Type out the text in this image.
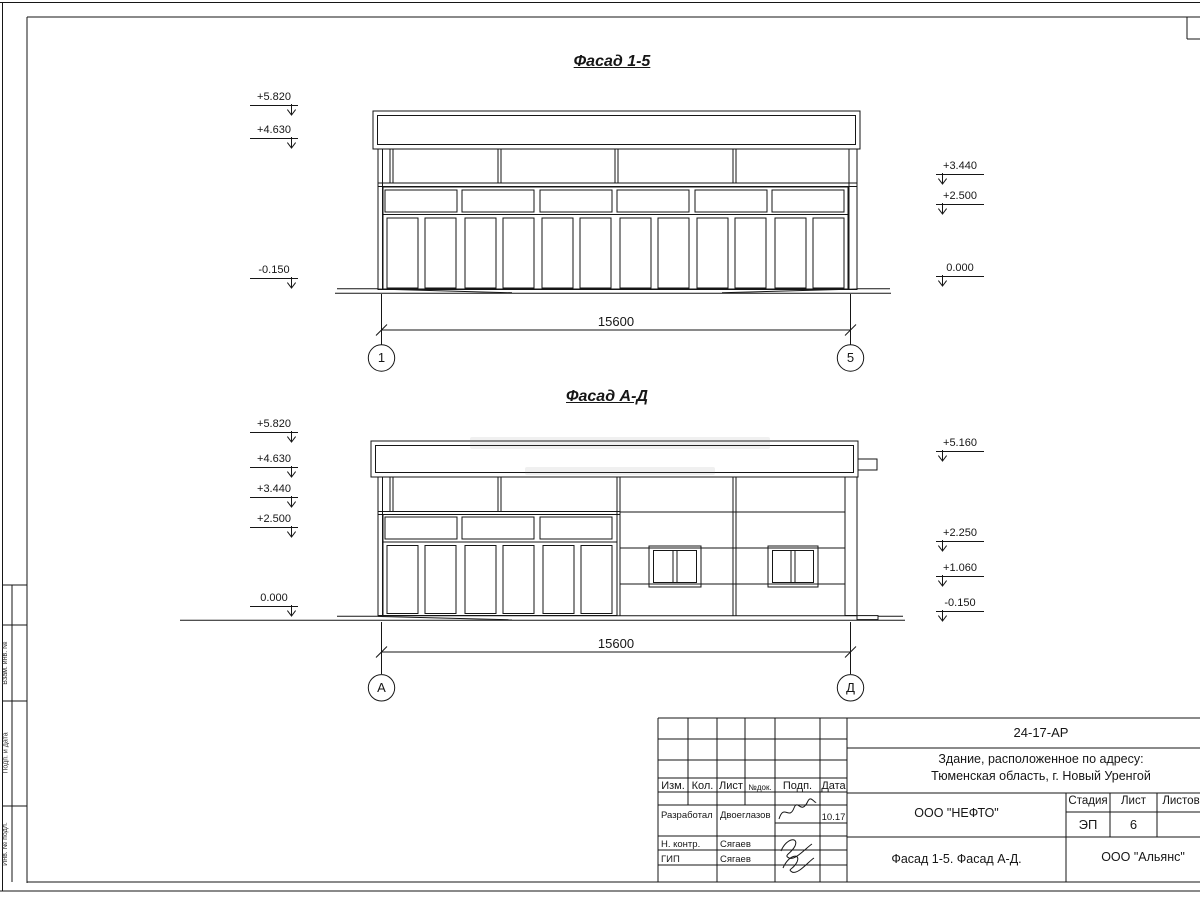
Фасад 1-5
+5.820
+4.630
-0.150
+3.440
+2.500
0.000
15600
1	5
Фасад А-Д
+5.820
+4.630
+3.440
+2.500
0.000
+5.160
+2.250
+1.060
-0.150
15600
А	Д
24-17-АР
Здание, расположенное по адресу:
Тюменская область, г. Новый Уренгой
Изм. Кол. Лист №док.	Подп. Дата
Разработал Двоеглазов	10.17
Н. контр.	Сягаев
ГИП	Сягаев
ООО "НЕФТО"
Стадия	Лист	Листов
ЭП	6
Фасад 1-5. Фасад А-Д.	ООО "Альянс"
Взам. инв. №
Подп. и дата
Инв. № подл.
